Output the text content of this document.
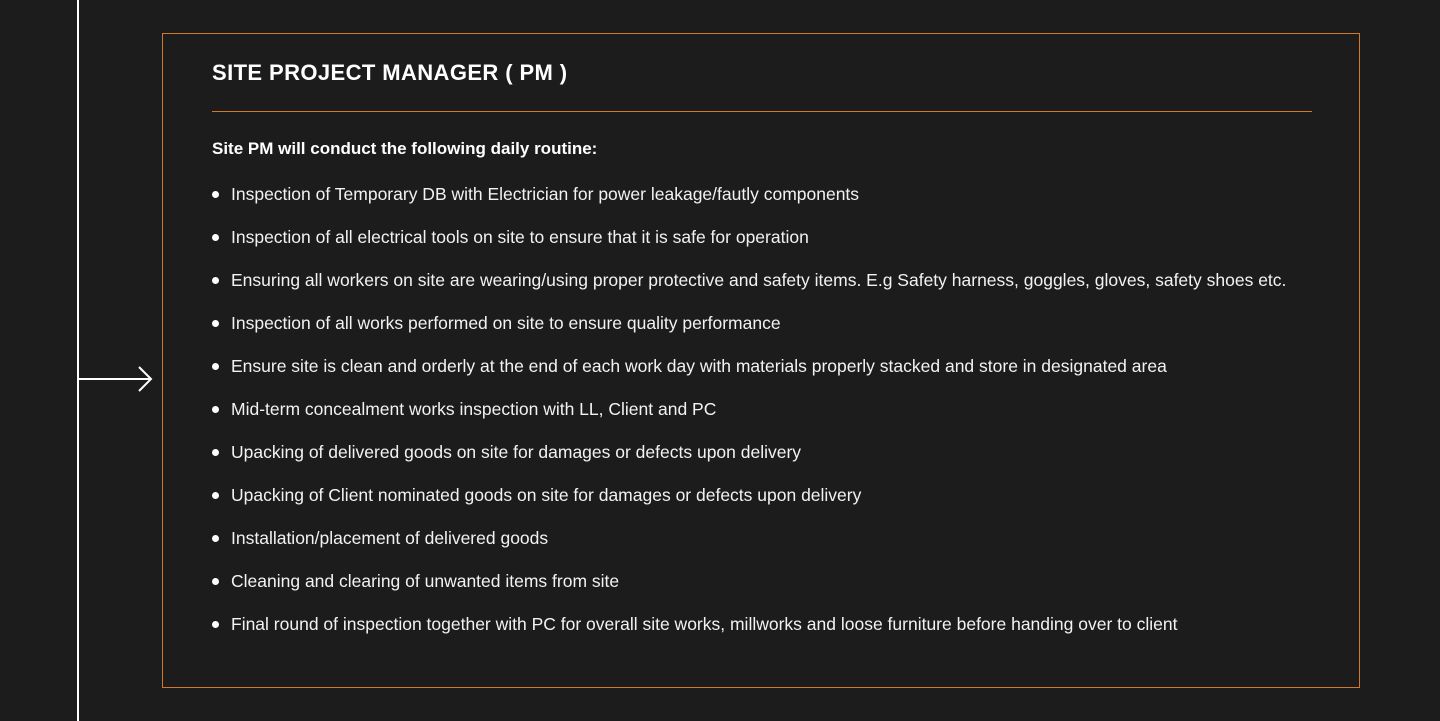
SITE PROJECT MANAGER ( PM )

Site PM will conduct the following daily routine:

Inspection of Temporary DB with Electrician for power leakage/fautly components
Inspection of all electrical tools on site to ensure that it is safe for operation
Ensuring all workers on site are wearing/using proper protective and safety items. E.g Safety harness, goggles, gloves, safety shoes etc.
Inspection of all works performed on site to ensure quality performance
Ensure site is clean and orderly at the end of each work day with materials properly stacked and store in designated area
Mid-term concealment works inspection with LL, Client and PC
Upacking of delivered goods on site for damages or defects upon delivery
Upacking of Client nominated goods on site for damages or defects upon delivery
Installation/placement of delivered goods
Cleaning and clearing of unwanted items from site
Final round of inspection together with PC for overall site works, millworks and loose furniture before handing over to client
